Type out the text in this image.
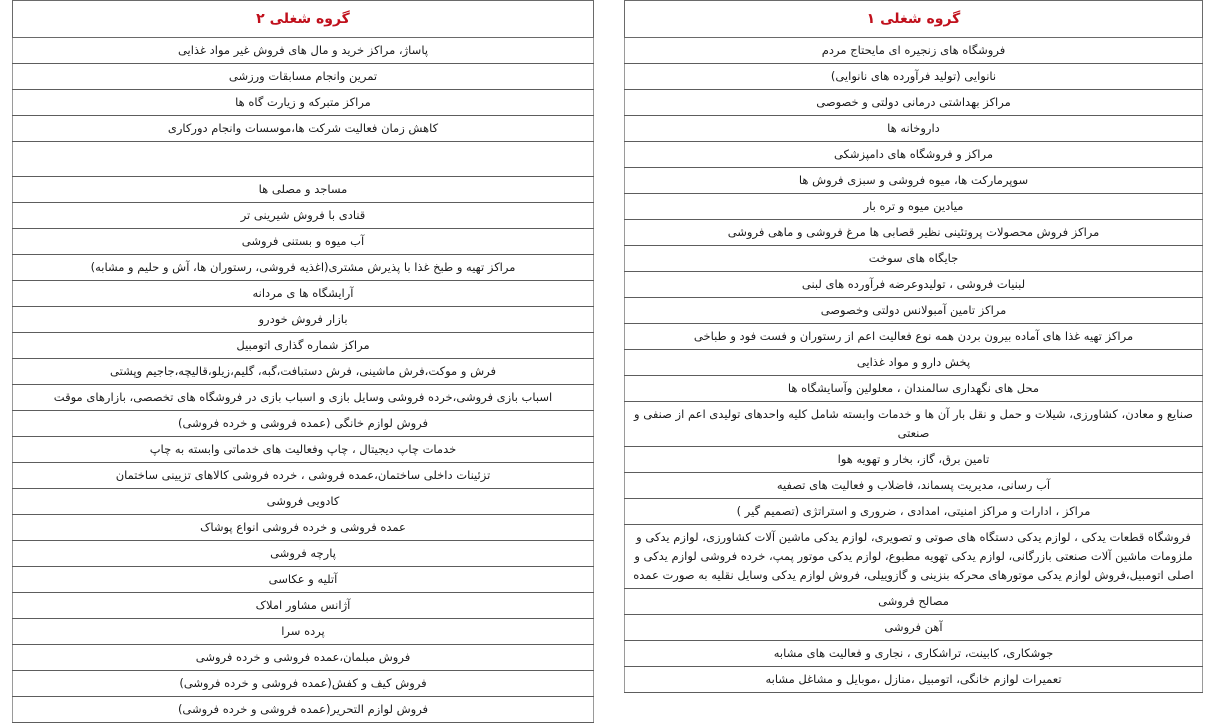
گروه شغلی ۱

فروشگاه های زنجیره ای مایحتاج مردم

نانوایی (تولید فرآورده های نانوایی)

مراکز بهداشتی درمانی دولتی و خصوصی

داروخانه ها

مراکز و فروشگاه های دامپزشکی

سوپرمارکت ها، میوه فروشی و سبزی فروش ها

میادین میوه و تره بار

مراکز فروش محصولات پروتئینی نظیر قصابی ها مرغ فروشی و ماهی فروشی

جایگاه های سوخت

لبنیات فروشی ، تولیدوعرضه فرآورده های لبنی

مراکز تامین آمبولانس دولتی وخصوصی

مراکز تهیه غذا های آماده بیرون بردن همه نوع فعالیت اعم از رستوران و فست فود و طباخی

پخش دارو و مواد غذایی

محل های نگهداری سالمندان ، معلولین وآسایشگاه ها

صنایع و معادن، کشاورزی، شیلات و حمل و نقل بار آن ها و خدمات وابسته شامل کلیه واحدهای تولیدی اعم از صنفی و صنعتی

تامین برق، گاز، بخار و تهویه هوا

آب رسانی، مدیریت پسماند، فاضلاب و فعالیت های تصفیه

مراکز ، ادارات و مراکز امنیتی، امدادی ، ضروری و استراتژی (تصمیم گیر )

فروشگاه قطعات یدکی ، لوازم یدکی دستگاه های صوتی و تصویری، لوازم یدکی ماشین آلات کشاورزی، لوازم یدکی و ملزومات ماشین آلات صنعتی بازرگانی، لوازم یدکی تهویه مطبوع، لوازم یدکی موتور پمپ، خرده فروشی لوازم یدکی و اصلی اتومبیل،فروش لوازم یدکی موتورهای محرکه بنزینی و گازوییلی، فروش لوازم یدکی وسایل نقلیه به صورت عمده

مصالح فروشی

آهن فروشی

جوشکاری، کابینت، تراشکاری ، نجاری و فعالیت های مشابه

تعمیرات لوازم خانگی، اتومبیل ،منازل ،موبایل و مشاغل مشابه
گروه شغلی ۲

پاساژ، مراکز خرید و مال های فروش غیر مواد غذایی

تمرین وانجام مسابقات ورزشی

مراکز متبرکه و زیارت گاه ها

کاهش زمان فعالیت شرکت ها،موسسات وانجام دورکاری

مساجد و مصلی ها

قنادی با فروش شیرینی تر

آب میوه و بستنی فروشی

مراکز تهیه و طبخ غذا با پذیرش مشتری(اغذیه فروشی، رستوران ها، آش و حلیم و مشابه)

آرایشگاه ها ی مردانه

بازار فروش خودرو

مراکز شماره گذاری اتومبیل

فرش و موکت،فرش ماشینی، فرش دستبافت،گبه، گلیم،زیلو،قالیچه،جاجیم وپشتی

اسباب بازی فروشی،خرده فروشی وسایل بازی و اسباب بازی در فروشگاه های تخصصی، بازارهای موقت

فروش لوازم خانگی (عمده فروشی و خرده فروشی)

خدمات چاپ دیجیتال ، چاپ وفعالیت های خدماتی وابسته به چاپ

تزئینات داخلی ساختمان،عمده فروشی ، خرده فروشی کالاهای تزیینی ساختمان

کادویی فروشی

عمده فروشی و خرده فروشی انواع پوشاک

پارچه فروشی

آتلیه و عکاسی

آژانس مشاور املاک

پرده سرا

فروش مبلمان،عمده فروشی و خرده فروشی

فروش کیف و کفش(عمده فروشی و خرده فروشی)

فروش لوازم التحریر(عمده فروشی و خرده فروشی)
